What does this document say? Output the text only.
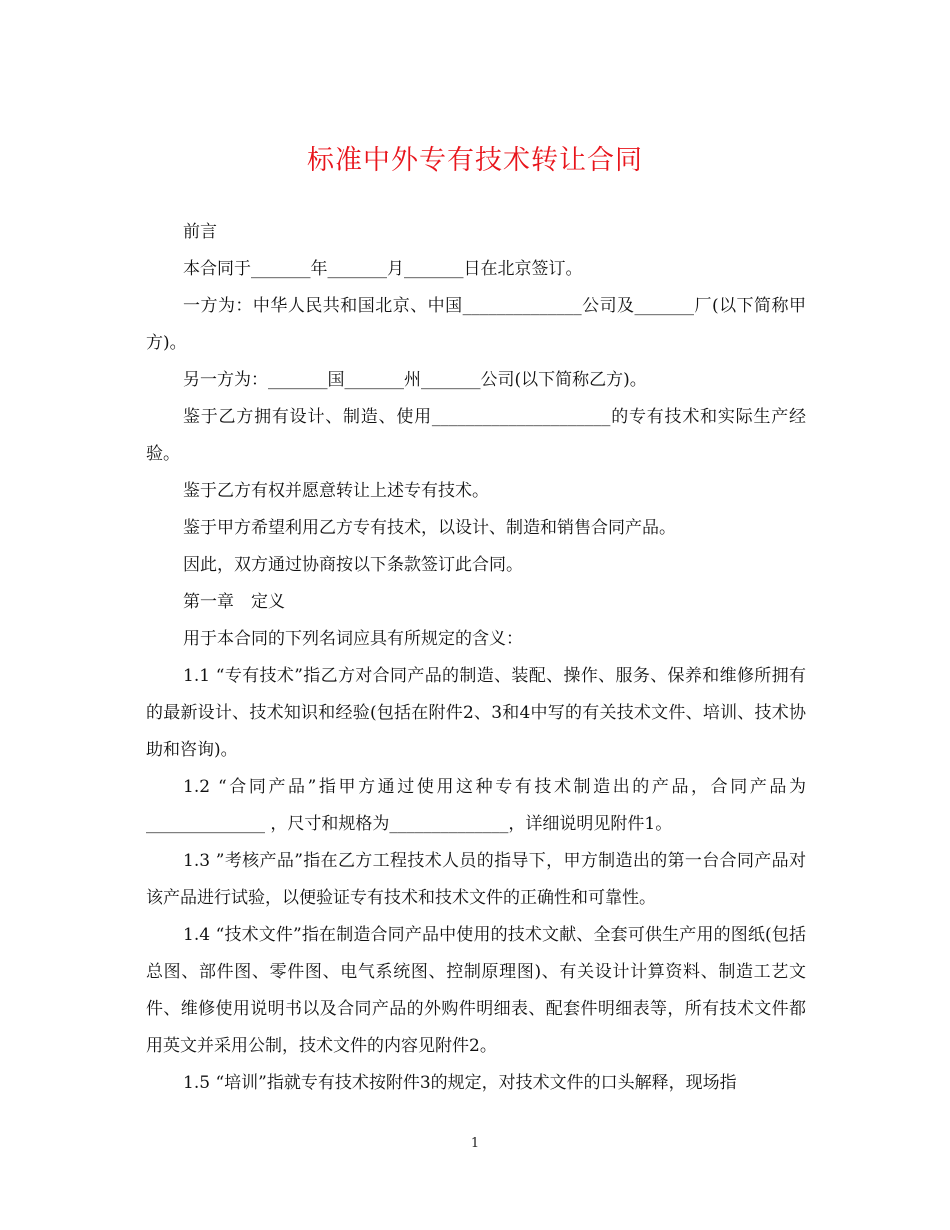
标准中外专有技术转让合同

前言

本合同于_______年_______月_______日在北京签订。

一方为：中华人民共和国北京、中国______________公司及_______厂(以下简称甲方)。

另一方为：_______国_______州_______公司(以下简称乙方)。

鉴于乙方拥有设计、制造、使用_____________________的专有技术和实际生产经验。

鉴于乙方有权并愿意转让上述专有技术。

鉴于甲方希望利用乙方专有技术，以设计、制造和销售合同产品。

因此，双方通过协商按以下条款签订此合同。

第一章　定义

用于本合同的下列名词应具有所规定的含义：

1.1 “专有技术”指乙方对合同产品的制造、装配、操作、服务、保养和维修所拥有的最新设计、技术知识和经验(包括在附件2、3和4中写的有关技术文件、培训、技术协助和咨询)。

1.2 “合同产品”指甲方通过使用这种专有技术制造出的产品，合同产品为______________ ，尺寸和规格为______________，详细说明见附件1。

1.3 ”考核产品”指在乙方工程技术人员的指导下，甲方制造出的第一台合同产品对该产品进行试验，以便验证专有技术和技术文件的正确性和可靠性。

1.4 “技术文件”指在制造合同产品中使用的技术文献、全套可供生产用的图纸(包括总图、部件图、零件图、电气系统图、控制原理图)、有关设计计算资料、制造工艺文件、维修使用说明书以及合同产品的外购件明细表、配套件明细表等，所有技术文件都用英文并采用公制，技术文件的内容见附件2。

1.5 “培训”指就专有技术按附件3的规定，对技术文件的口头解释，现场指

1
